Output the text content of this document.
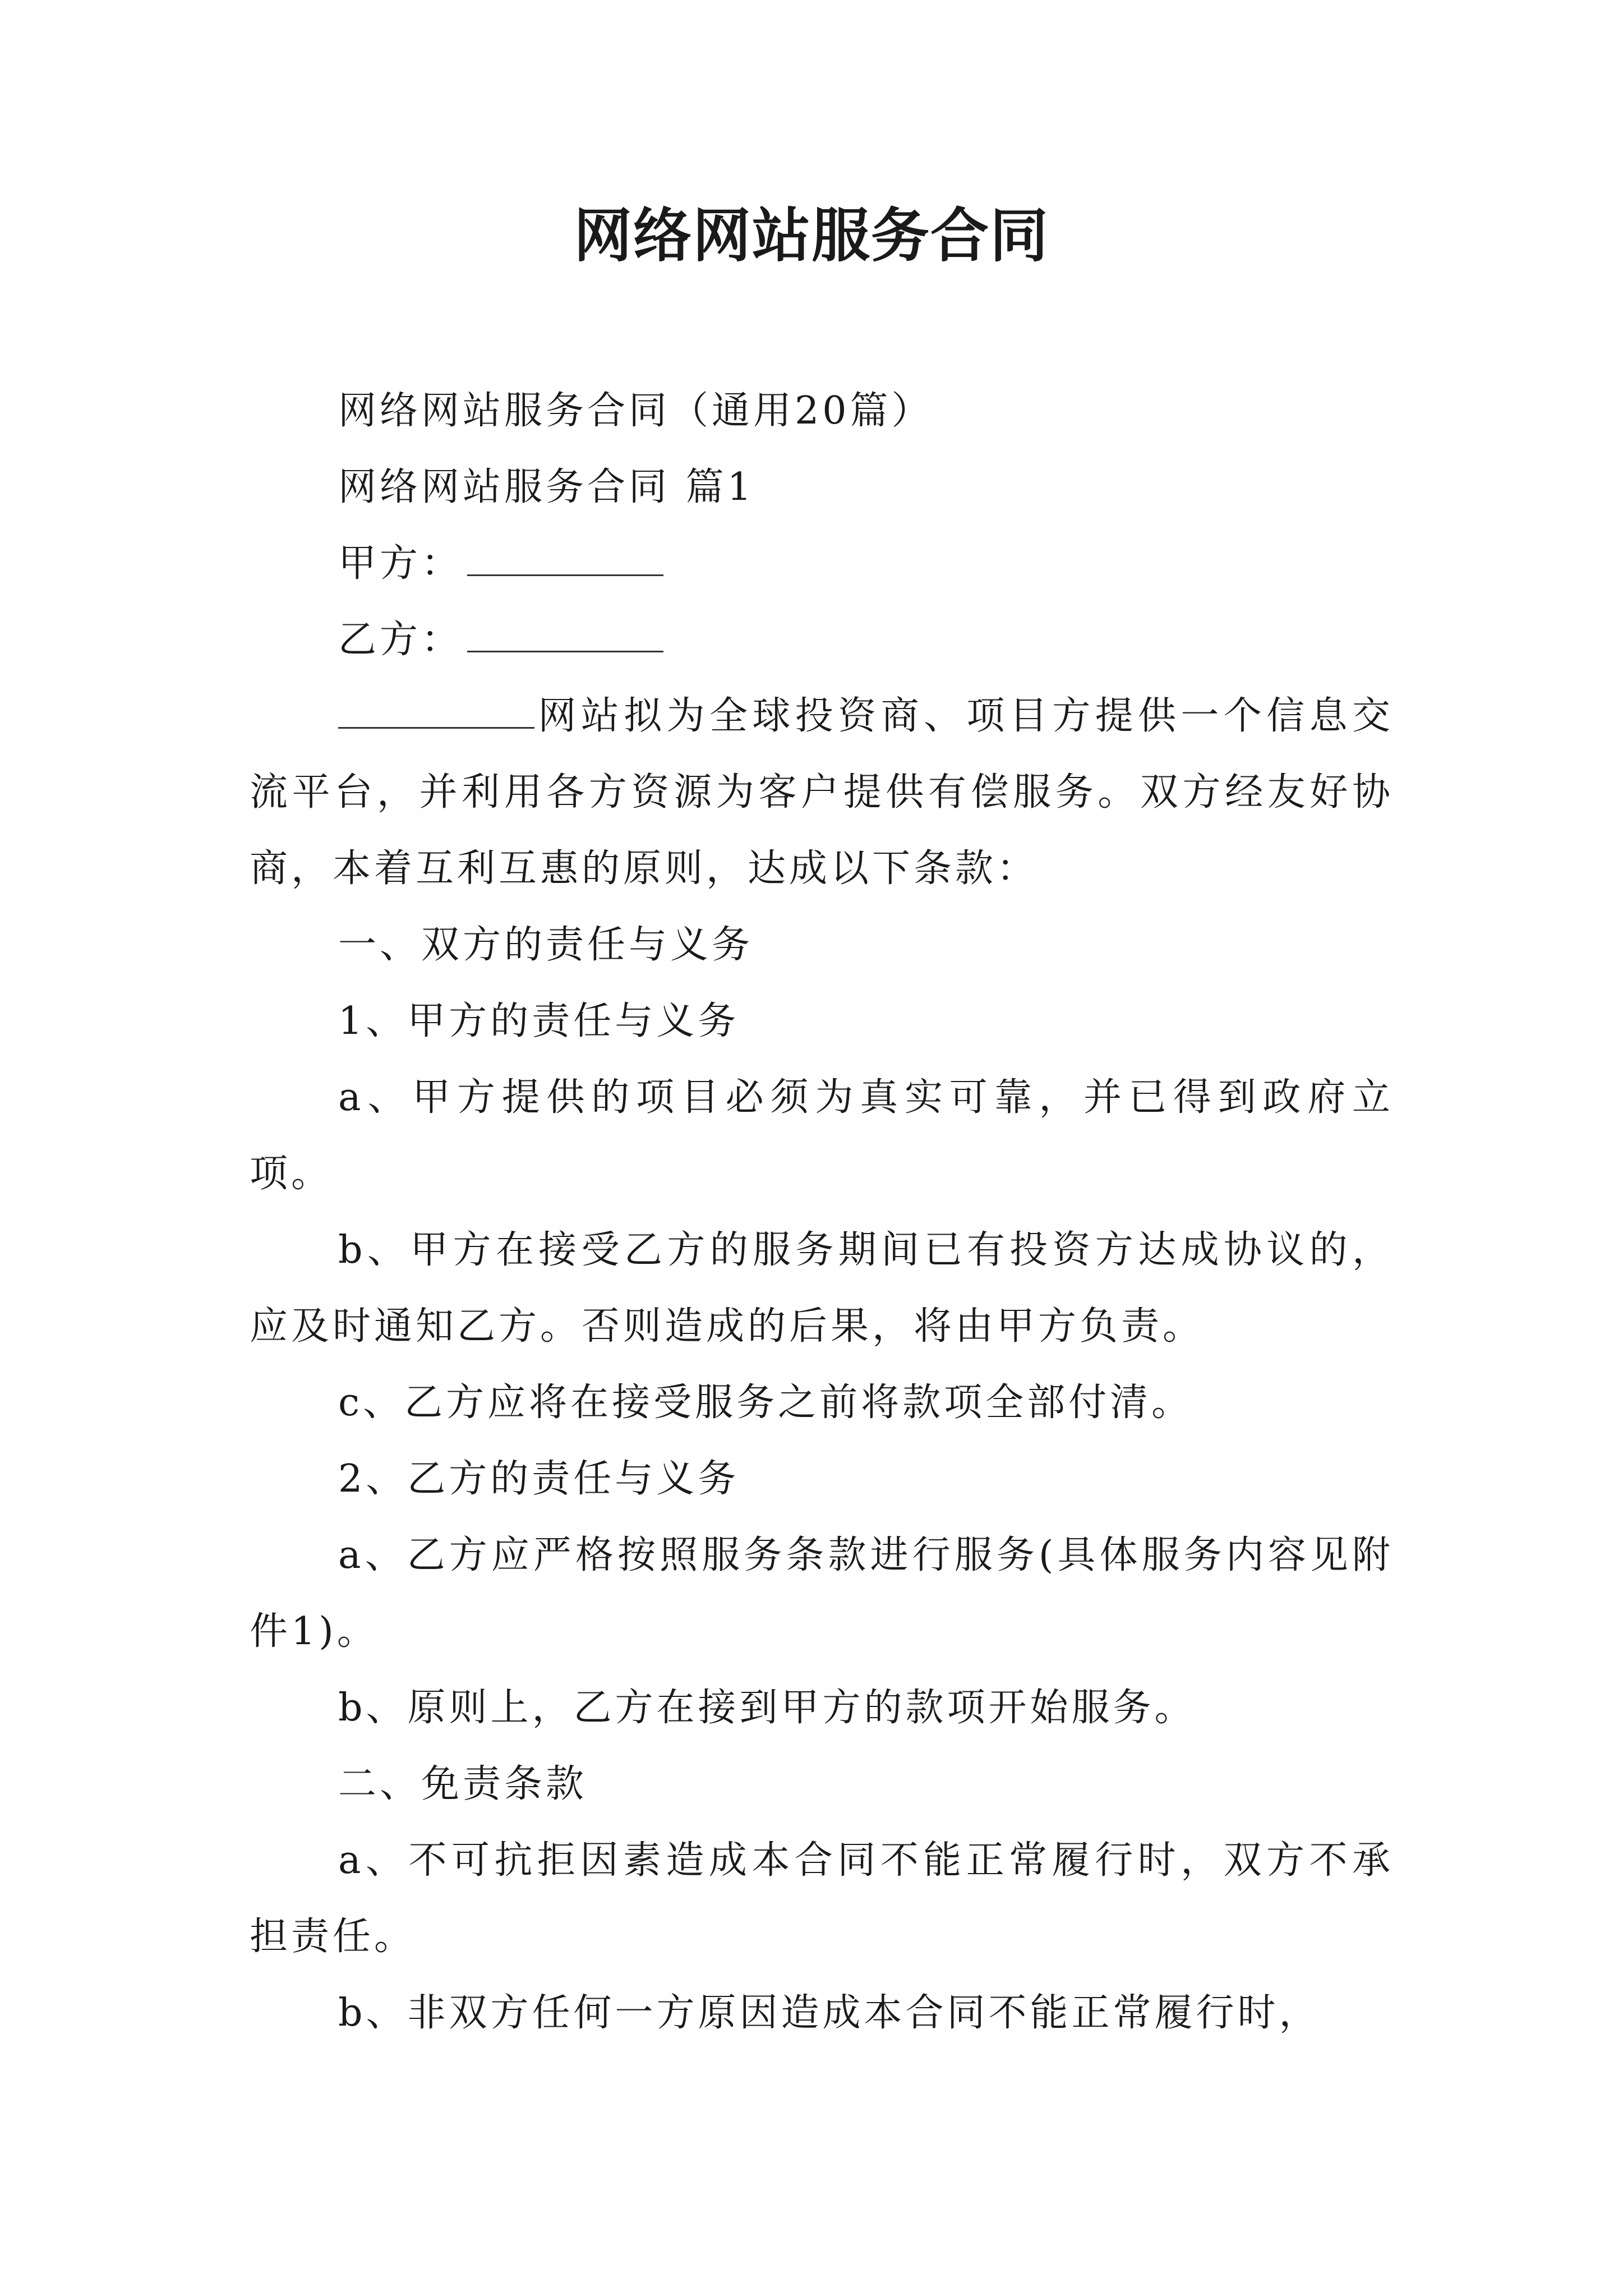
网络网站服务合同

网络网站服务合同（通用20篇）

网络网站服务合同 篇1

甲方：

乙方：

网站拟为全球投资商、项目方提供一个信息交流平台，并利用各方资源为客户提供有偿服务。双方经友好协商，本着互利互惠的原则，达成以下条款：

一、双方的责任与义务

1、甲方的责任与义务

a、甲方提供的项目必须为真实可靠，并已得到政府立项。

b、甲方在接受乙方的服务期间已有投资方达成协议的，应及时通知乙方。否则造成的后果，将由甲方负责。

c、乙方应将在接受服务之前将款项全部付清。

2、乙方的责任与义务

a、乙方应严格按照服务条款进行服务(具体服务内容见附件1)。

b、原则上，乙方在接到甲方的款项开始服务。

二、免责条款

a、不可抗拒因素造成本合同不能正常履行时，双方不承担责任。

b、非双方任何一方原因造成本合同不能正常履行时，
